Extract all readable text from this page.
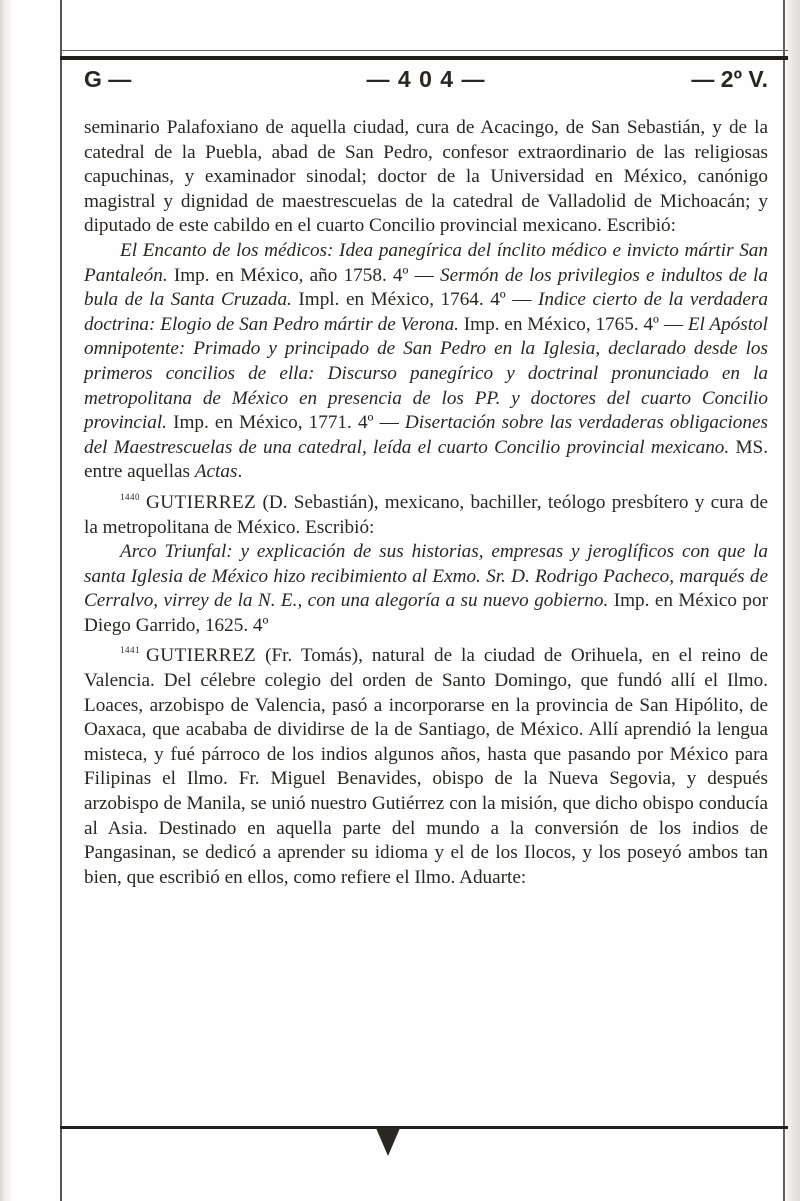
G —	— 4 0 4 —	— 2º V.

seminario Palafoxiano de aquella ciudad, cura de Acacingo, de San Sebastián, y de la catedral de la Puebla, abad de San Pedro, confesor extraordinario de las religiosas capuchinas, y examinador sinodal; doctor de la Universidad en México, canónigo magistral y dignidad de maestrescuelas de la catedral de Valladolid de Michoacán; y diputado de este cabildo en el cuarto Concilio provincial mexicano. Escribió:

El Encanto de los médicos: Idea panegírica del ínclito médico e invicto mártir San Pantaleón. Imp. en México, año 1758. 4º — Sermón de los privilegios e indultos de la bula de la Santa Cruzada. Impl. en México, 1764. 4º — Indice cierto de la verdadera doctrina: Elogio de San Pedro mártir de Verona. Imp. en México, 1765. 4º — El Apóstol omnipotente: Primado y principado de San Pedro en la Iglesia, declarado desde los primeros concilios de ella: Discurso panegírico y doctrinal pronunciado en la metropolitana de México en presencia de los PP. y doctores del cuarto Concilio provincial. Imp. en México, 1771. 4º — Disertación sobre las verdaderas obligaciones del Maestrescuelas de una catedral, leída el cuarto Concilio provincial mexicano. MS. entre aquellas Actas.

$^{1440}$ GUTIERREZ (D. Sebastián), mexicano, bachiller, teólogo presbítero y cura de la metropolitana de México. Escribió:

Arco Triunfal: y explicación de sus historias, empresas y jeroglíficos con que la santa Iglesia de México hizo recibimiento al Exmo. Sr. D. Rodrigo Pacheco, marqués de Cerralvo, virrey de la N. E., con una alegoría a su nuevo gobierno. Imp. en México por Diego Garrido, 1625. 4º

$^{1441}$ GUTIERREZ (Fr. Tomás), natural de la ciudad de Orihuela, en el reino de Valencia. Del célebre colegio del orden de Santo Domingo, que fundó allí el Ilmo. Loaces, arzobispo de Valencia, pasó a incorporarse en la provincia de San Hipólito, de Oaxaca, que acababa de dividirse de la de Santiago, de México. Allí aprendió la lengua misteca, y fué párroco de los indios algunos años, hasta que pasando por México para Filipinas el Ilmo. Fr. Miguel Benavides, obispo de la Nueva Segovia, y después arzobispo de Manila, se unió nuestro Gutiérrez con la misión, que dicho obispo conducía al Asia. Destinado en aquella parte del mundo a la conversión de los indios de Pangasinan, se dedicó a aprender su idioma y el de los Ilocos, y los poseyó ambos tan bien, que escribió en ellos, como refiere el Ilmo. Aduarte:
